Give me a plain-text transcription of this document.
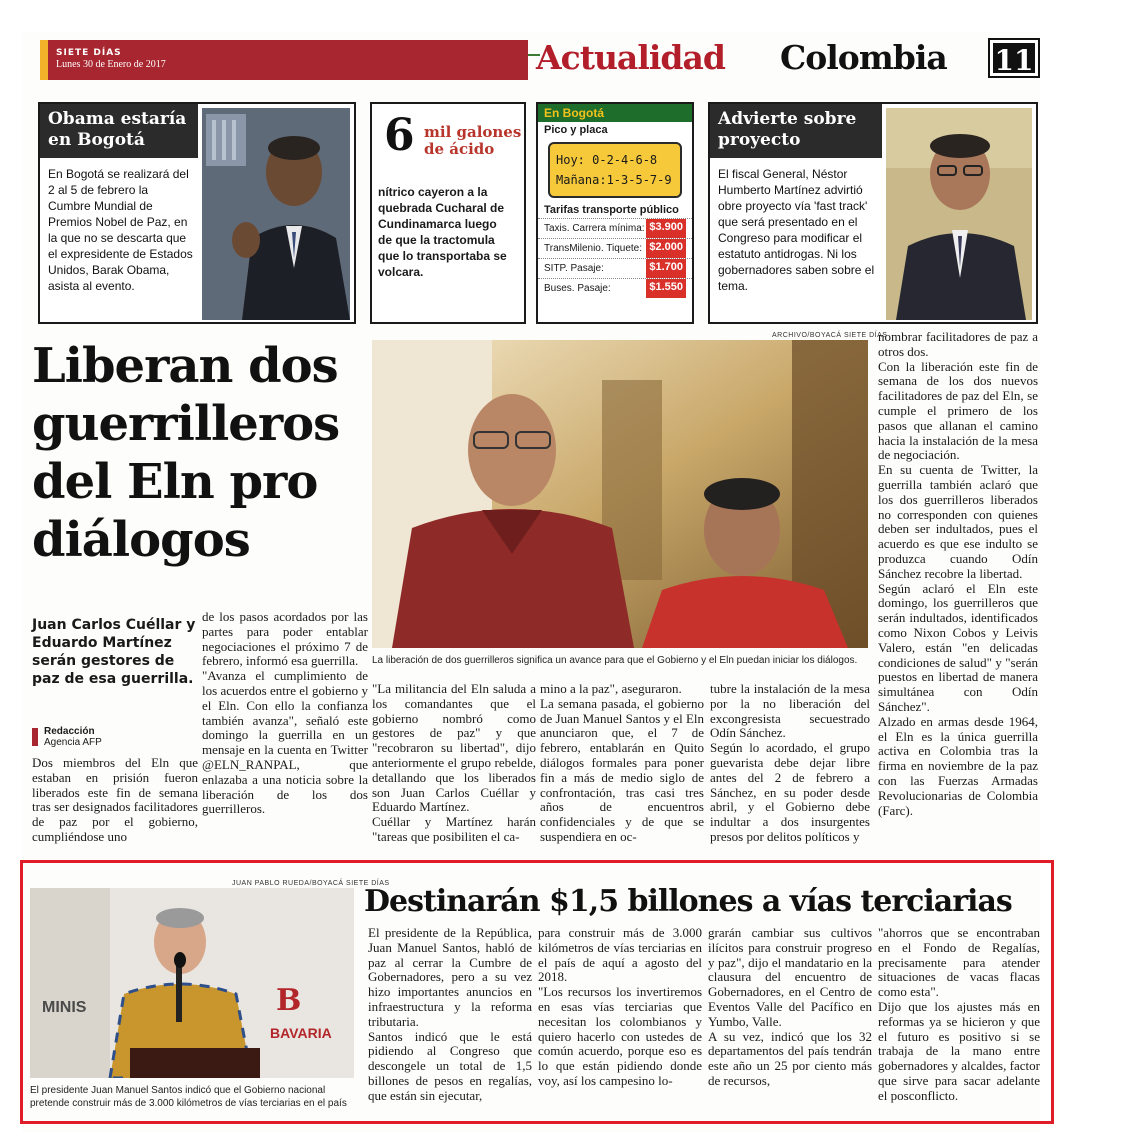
SIETE DÍAS
Lunes 30 de Enero de 2017	Actualidad Colombia 11
Obama estaría en Bogotá
En Bogotá se realizará del 2 al 5 de febrero la Cumbre Mundial de Premios Nobel de Paz, en la que no se descarta que el expresidente de Estados Unidos, Barak Obama, asista al evento.
6 mil galones de ácido
nítrico cayeron a la quebrada Cucharal de Cundinamarca luego de que la tractomula que lo transportaba se volcara.
En Bogotá
Pico y placa
Hoy: 0-2-4-6-8
Mañana:1-3-5-7-9
Tarifas transporte público
Taxis. Carrera mínima: $3.900
TransMilenio. Tiquete: $2.000
SITP. Pasaje:	$1.700
Buses. Pasaje:	$1.550
Advierte sobre proyecto
El fiscal General, Néstor Humberto Martínez advirtió obre proyecto vía 'fast track' que será presentado en el Congreso para modificar el estatuto antidrogas. Ni los gobernadores saben sobre el tema.
Liberan dos guerrilleros del Eln pro diálogos
Juan Carlos Cuéllar y Eduardo Martínez serán gestores de paz de esa guerrilla.
Redacción
Agencia AFP
ARCHIVO/BOYACÁ SIETE DÍAS
La liberación de dos guerrilleros significa un avance para que el Gobierno y el Eln puedan iniciar los diálogos.
Dos miembros del Eln que estaban en prisión fueron liberados este fin de semana tras ser designados facilitadores de paz por el gobierno, cumpliéndose uno
de los pasos acordados por las partes para poder entablar negociaciones el próximo 7 de febrero, informó esa guerrilla.
"Avanza el cumplimiento de los acuerdos entre el gobierno y el Eln. Con ello la confianza también avanza", señaló este domingo la guerrilla en un mensaje en la cuenta en Twitter @ELN_RANPAL, que enlazaba a una noticia sobre la liberación de los dos guerrilleros.
"La militancia del Eln saluda a los comandantes que el gobierno nombró como gestores de paz" y que "recobraron su libertad", dijo anteriormente el grupo rebelde, detallando que los liberados son Juan Carlos Cuéllar y Eduardo Martínez.
Cuéllar y Martínez harán "tareas que posibiliten el ca-
mino a la paz", aseguraron.
La semana pasada, el gobierno de Juan Manuel Santos y el Eln anunciaron que, el 7 de febrero, entablarán en Quito diálogos formales para poner fin a más de medio siglo de confrontación, tras casi tres años de encuentros confidenciales y de que se suspendiera en oc-
tubre la instalación de la mesa por la no liberación del excongresista secuestrado Odín Sánchez.
Según lo acordado, el grupo guevarista debe dejar libre antes del 2 de febrero a Sánchez, en su poder desde abril, y el Gobierno debe indultar a dos insurgentes presos por delitos políticos y
nombrar facilitadores de paz a otros dos.
Con la liberación este fin de semana de los dos nuevos facilitadores de paz del Eln, se cumple el primero de los pasos que allanan el camino hacia la instalación de la mesa de negociación.
En su cuenta de Twitter, la guerrilla también aclaró que los dos guerrilleros liberados no corresponden con quienes deben ser indultados, pues el acuerdo es que ese indulto se produzca cuando Odín Sánchez recobre la libertad.
Según aclaró el Eln este domingo, los guerrilleros que serán indultados, identificados como Nixon Cobos y Leivis Valero, están "en delicadas condiciones de salud" y "serán puestos en libertad de manera simultánea con Odín Sánchez".
Alzado en armas desde 1964, el Eln es la única guerrilla activa en Colombia tras la firma en noviembre de la paz con las Fuerzas Armadas Revolucionarias de Colombia (Farc).
JUAN PABLO RUEDA/BOYACÁ SIETE DÍAS
MINIS	B
BAVARIA
El presidente Juan Manuel Santos indicó que el Gobierno nacional pretende construir más de 3.000 kilómetros de vías terciarias en el país
Destinarán $1,5 billones a vías terciarias
El presidente de la República, Juan Manuel Santos, habló de paz al cerrar la Cumbre de Gobernadores, pero a su vez hizo importantes anuncios en infraestructura y la reforma tributaria.
Santos indicó que le está pidiendo al Congreso que descongele un total de 1,5 billones de pesos en regalías, que están sin ejecutar,
para construir más de 3.000 kilómetros de vías terciarias en el país de aquí a agosto del 2018.
"Los recursos los invertiremos en esas vías terciarias que necesitan los colombianos y quiero hacerlo con ustedes de común acuerdo, porque eso es lo que están pidiendo donde voy, así los campesino lo-
grarán cambiar sus cultivos ilícitos para construir progreso y paz", dijo el mandatario en la clausura del encuentro de Gobernadores, en el Centro de Eventos Valle del Pacífico en Yumbo, Valle.
A su vez, indicó que los 32 departamentos del país tendrán este año un 25 por ciento más de recursos,
"ahorros que se encontraban en el Fondo de Regalías, precisamente para atender situaciones de vacas flacas como esta".
Dijo que los ajustes más en reformas ya se hicieron y que el futuro es positivo si se trabaja de la mano entre gobernadores y alcaldes, factor que sirve para sacar adelante el posconflicto.
